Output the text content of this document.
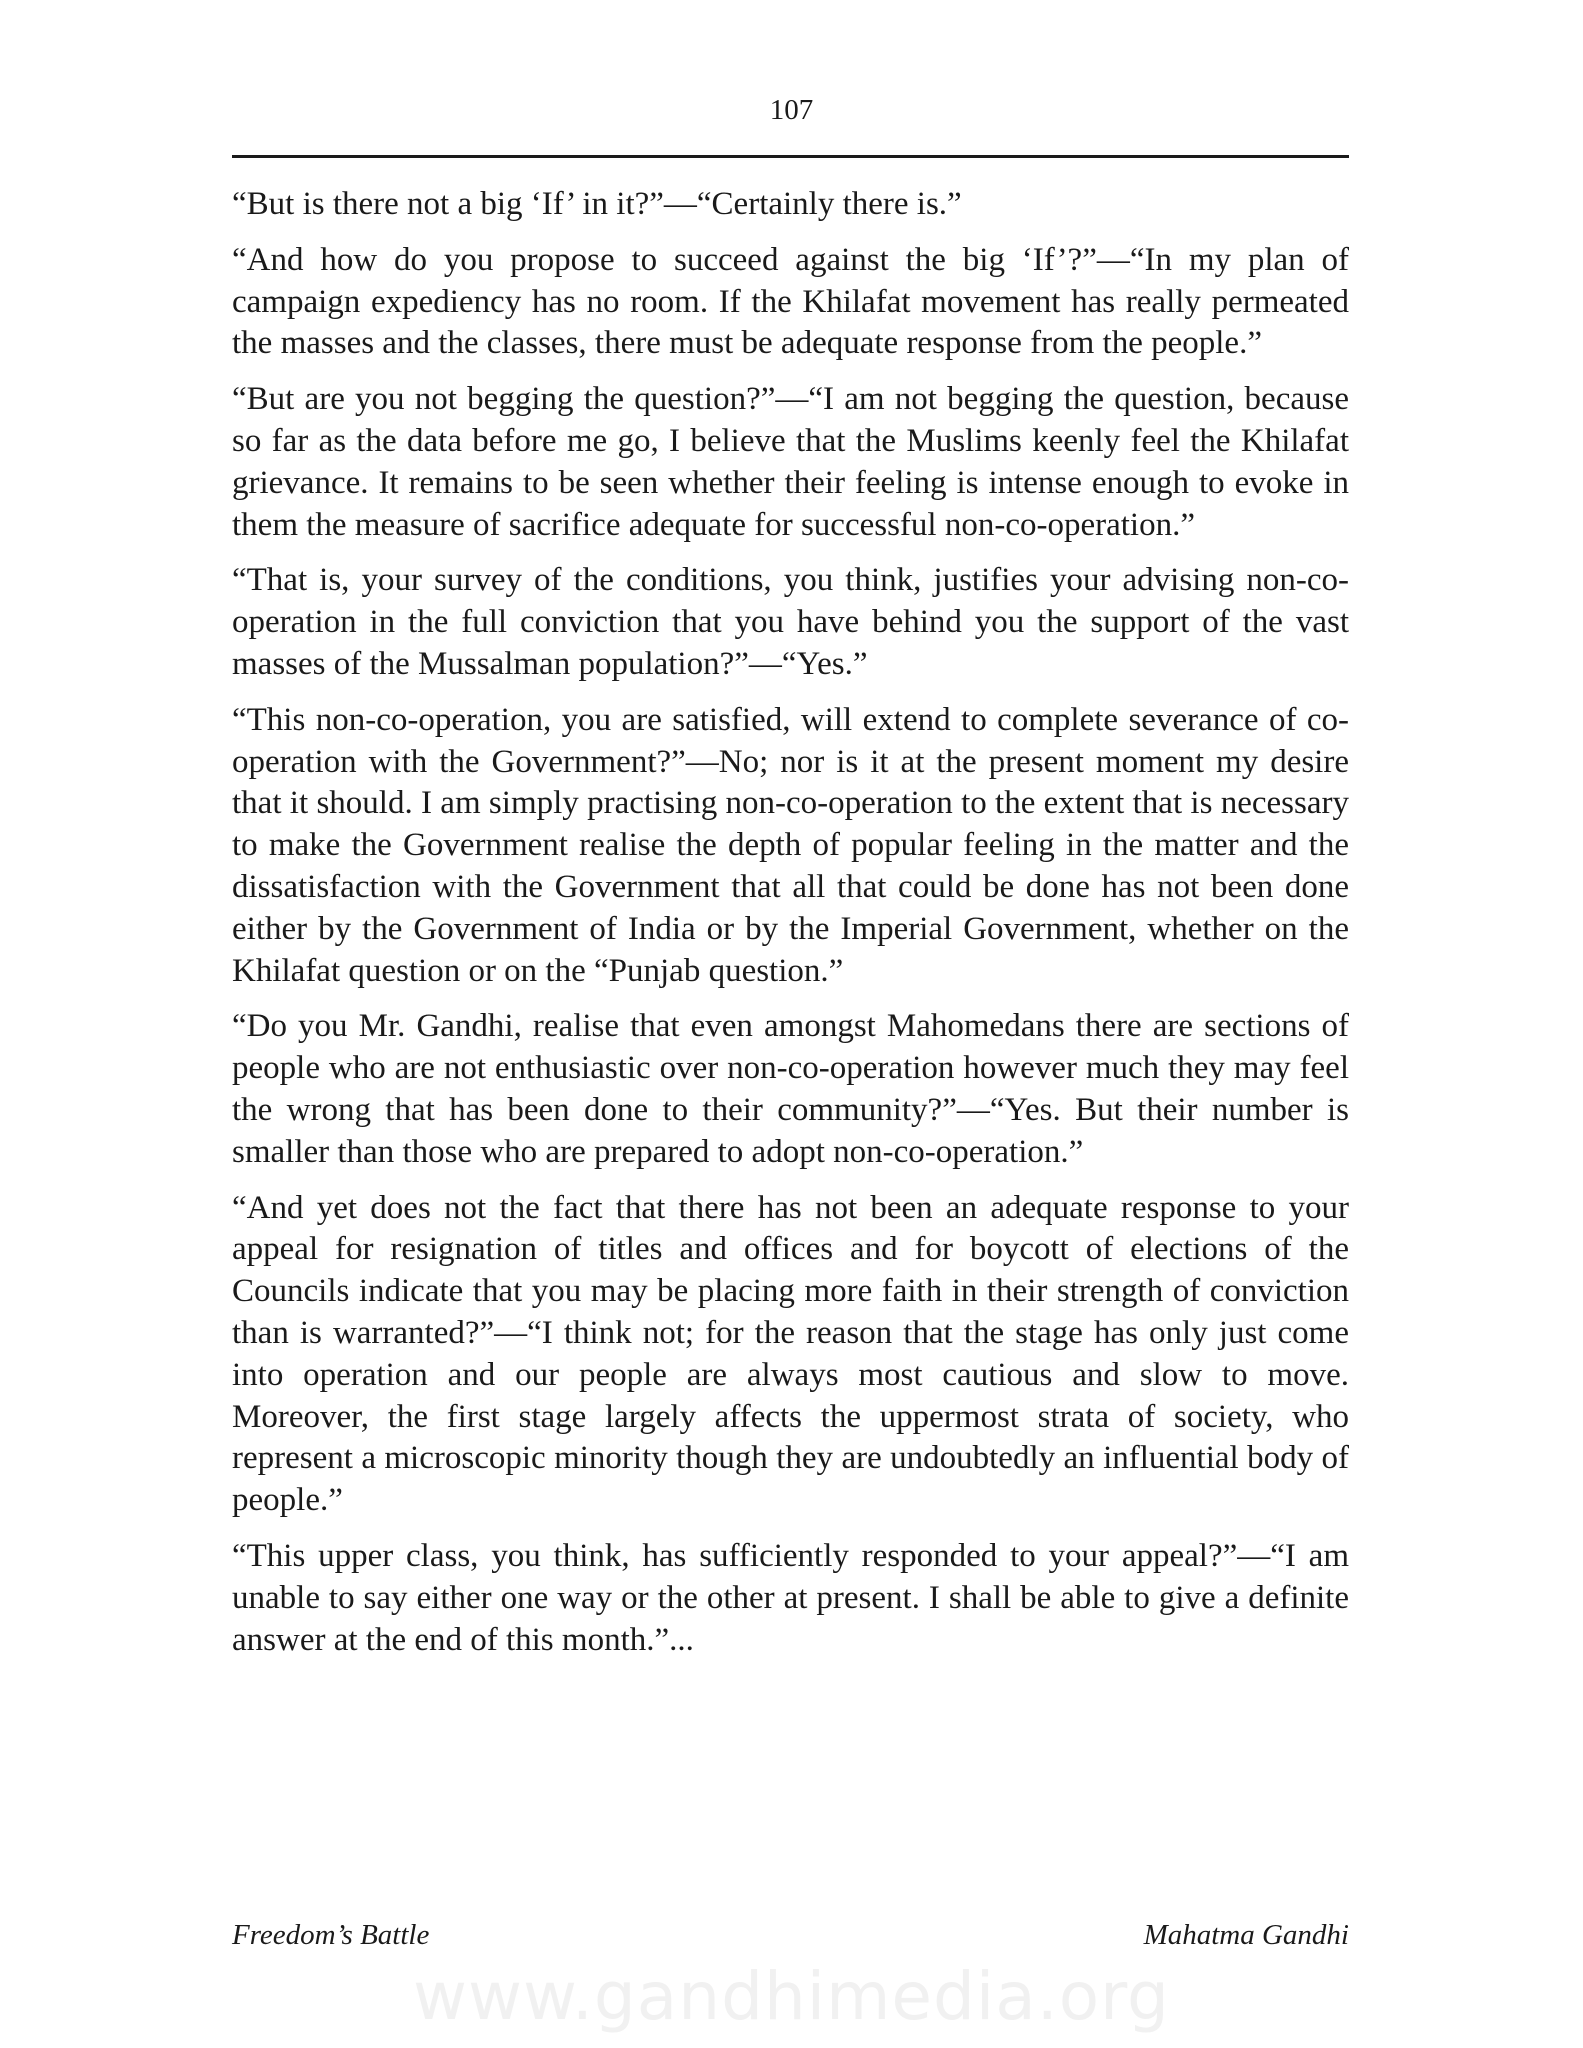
107

“But is there not a big ‘If’ in it?”—“Certainly there is.”

“And how do you propose to succeed against the big ‘If’?”—“In my plan of campaign expediency has no room. If the Khilafat movement has really permeated the masses and the classes, there must be adequate response from the people.”

“But are you not begging the question?”—“I am not begging the question, because so far as the data before me go, I believe that the Muslims keenly feel the Khilafat grievance. It remains to be seen whether their feeling is intense enough to evoke in them the measure of sacrifice adequate for successful non-co-operation.”

“That is, your survey of the conditions, you think, justifies your advising non-co-operation in the full conviction that you have behind you the support of the vast masses of the Mussalman population?”—“Yes.”

“This non-co-operation, you are satisfied, will extend to complete severance of co-operation with the Government?”—No; nor is it at the present moment my desire that it should. I am simply practising non-co-operation to the extent that is necessary to make the Government realise the depth of popular feeling in the matter and the dissatisfaction with the Government that all that could be done has not been done either by the Government of India or by the Imperial Government, whether on the Khilafat question or on the “Punjab question.”

“Do you Mr. Gandhi, realise that even amongst Mahomedans there are sections of people who are not enthusiastic over non-co-operation however much they may feel the wrong that has been done to their community?”—“Yes. But their number is smaller than those who are prepared to adopt non-co-operation.”

“And yet does not the fact that there has not been an adequate response to your appeal for resignation of titles and offices and for boycott of elections of the Councils indicate that you may be placing more faith in their strength of conviction than is warranted?”—“I think not; for the reason that the stage has only just come into operation and our people are always most cautious and slow to move. Moreover, the first stage largely affects the uppermost strata of society, who represent a microscopic minority though they are undoubtedly an influential body of people.”

“This upper class, you think, has sufficiently responded to your appeal?”—“I am unable to say either one way or the other at present. I shall be able to give a definite answer at the end of this month.”...

Freedom’s Battle	Mahatma Gandhi
www.gandhimedia.org
